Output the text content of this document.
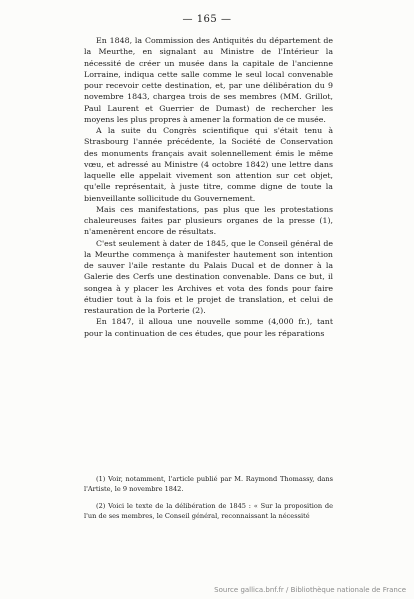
— 165 —

En 1848, la Commission des Antiquités du département de la Meurthe, en signalant au Ministre de l'Intérieur la nécessité de créer un musée dans la capitale de l'ancienne Lorraine, indiqua cette salle comme le seul local convenable pour recevoir cette destination, et, par une délibération du 9 novembre 1843, chargea trois de ses membres (MM. Grillot, Paul Laurent et Guerrier de Dumast) de rechercher les moyens les plus propres à amener la formation de ce musée.

A la suite du Congrès scientifique qui s'était tenu à Strasbourg l'année précédente, la Société de Conservation des monuments français avait solennellement émis le même vœu, et adressé au Ministre (4 octobre 1842) une lettre dans laquelle elle appelait vivement son attention sur cet objet, qu'elle représentait, à juste titre, comme digne de toute la bienveillante sollicitude du Gouvernement.

Mais ces manifestations, pas plus que les protestations chaleureuses faites par plusieurs organes de la presse (1), n'amenèrent encore de résultats.

C'est seulement à dater de 1845, que le Conseil général de la Meurthe commença à manifester hautement son intention de sauver l'aile restante du Palais Ducal et de donner à la Galerie des Cerfs une destination convenable. Dans ce but, il songea à y placer les Archives et vota des fonds pour faire étudier tout à la fois et le projet de translation, et celui de restauration de la Porterie (2).

En 1847, il alloua une nouvelle somme (4,000 fr.), tant pour la continuation de ces études, que pour les réparations

(1) Voir, notamment, l'article publié par M. Raymond Thomassy, dans l'Artiste, le 9 novembre 1842.

(2) Voici le texte de la délibération de 1845 : « Sur la proposition de l'un de ses membres, le Conseil général, reconnaissant la nécessité

Source gallica.bnf.fr / Bibliothèque nationale de France
